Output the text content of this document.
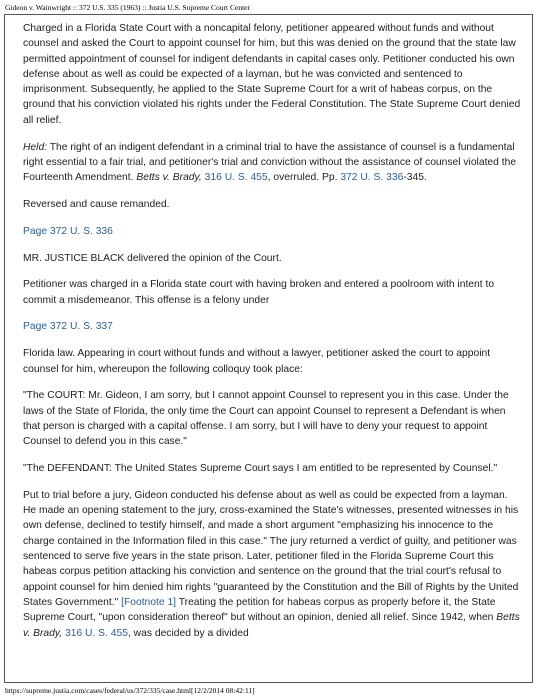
Gideon v. Wainwright :: 372 U.S. 335 (1963) :: Justia U.S. Supreme Court Center

Charged in a Florida State Court with a noncapital felony, petitioner appeared without funds and without counsel and asked the Court to appoint counsel for him, but this was denied on the ground that the state law permitted appointment of counsel for indigent defendants in capital cases only. Petitioner conducted his own defense about as well as could be expected of a layman, but he was convicted and sentenced to imprisonment. Subsequently, he applied to the State Supreme Court for a writ of habeas corpus, on the ground that his conviction violated his rights under the Federal Constitution. The State Supreme Court denied all relief.

Held: The right of an indigent defendant in a criminal trial to have the assistance of counsel is a fundamental right essential to a fair trial, and petitioner's trial and conviction without the assistance of counsel violated the Fourteenth Amendment. Betts v. Brady, 316 U. S. 455, overruled. Pp. 372 U. S. 336-345.

Reversed and cause remanded.

Page 372 U. S. 336

MR. JUSTICE BLACK delivered the opinion of the Court.

Petitioner was charged in a Florida state court with having broken and entered a poolroom with intent to commit a misdemeanor. This offense is a felony under

Page 372 U. S. 337

Florida law. Appearing in court without funds and without a lawyer, petitioner asked the court to appoint counsel for him, whereupon the following colloquy took place:

"The COURT: Mr. Gideon, I am sorry, but I cannot appoint Counsel to represent you in this case. Under the laws of the State of Florida, the only time the Court can appoint Counsel to represent a Defendant is when that person is charged with a capital offense. I am sorry, but I will have to deny your request to appoint Counsel to defend you in this case."

"The DEFENDANT: The United States Supreme Court says I am entitled to be represented by Counsel."

Put to trial before a jury, Gideon conducted his defense about as well as could be expected from a layman. He made an opening statement to the jury, cross-examined the State's witnesses, presented witnesses in his own defense, declined to testify himself, and made a short argument "emphasizing his innocence to the charge contained in the Information filed in this case." The jury returned a verdict of guilty, and petitioner was sentenced to serve five years in the state prison. Later, petitioner filed in the Florida Supreme Court this habeas corpus petition attacking his conviction and sentence on the ground that the trial court's refusal to appoint counsel for him denied him rights "guaranteed by the Constitution and the Bill of Rights by the United States Government." [Footnote 1] Treating the petition for habeas corpus as properly before it, the State Supreme Court, "upon consideration thereof" but without an opinion, denied all relief. Since 1942, when Betts v. Brady, 316 U. S. 455, was decided by a divided

https://supreme.justia.com/cases/federal/us/372/335/case.html[12/2/2014 08:42:11]
